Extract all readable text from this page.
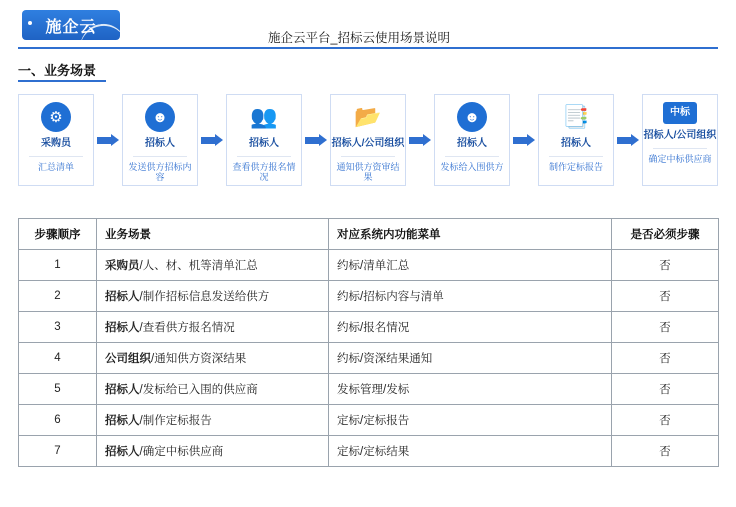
施企云
施企云平台_招标云使用场景说明
一、业务场景
⚙
采购员
汇总清单
☻
招标人
发送供方招标内容
👥
招标人
查看供方报名情况
📂
招标人/公司组织
通知供方资审结果
☻
招标人
发标给入围供方
📑
招标人
制作定标报告
中标
招标人/公司组织
确定中标供应商
步骤顺序	业务场景	对应系统内功能菜单	是否必须步骤
1	采购员/人、材、机等清单汇总	约标/清单汇总	否
2	招标人/制作招标信息发送给供方	约标/招标内容与清单	否
3	招标人/查看供方报名情况	约标/报名情况	否
4	公司组织/通知供方资深结果	约标/资深结果通知	否
5	招标人/发标给已入围的供应商	发标管理/发标	否
6	招标人/制作定标报告	定标/定标报告	否
7	招标人/确定中标供应商	定标/定标结果	否
